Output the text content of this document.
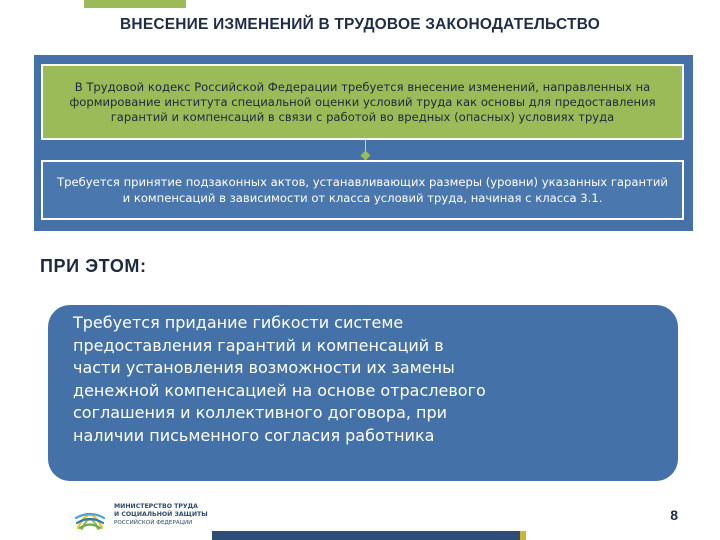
ВНЕСЕНИЕ ИЗМЕНЕНИЙ В ТРУДОВОЕ ЗАКОНОДАТЕЛЬСТВО

В Трудовой кодекс Российской Федерации требуется внесение изменений, направленных на формирование института специальной оценки условий труда как основы для предоставления гарантий и компенсаций в связи с работой во вредных (опасных) условиях труда

Требуется принятие подзаконных актов, устанавливающих размеры (уровни) указанных гарантий и компенсаций в зависимости от класса условий труда, начиная с класса 3.1.

ПРИ ЭТОМ:

Требуется придание гибкости системе предоставления гарантий и компенсаций в части установления возможности их замены денежной компенсацией на основе отраслевого соглашения и коллективного договора, при наличии письменного согласия работника

МИНИСТЕРСТВО ТРУДА
И СОЦИАЛЬНОЙ ЗАЩИТЫ
РОССИЙСКОЙ ФЕДЕРАЦИИ	8
